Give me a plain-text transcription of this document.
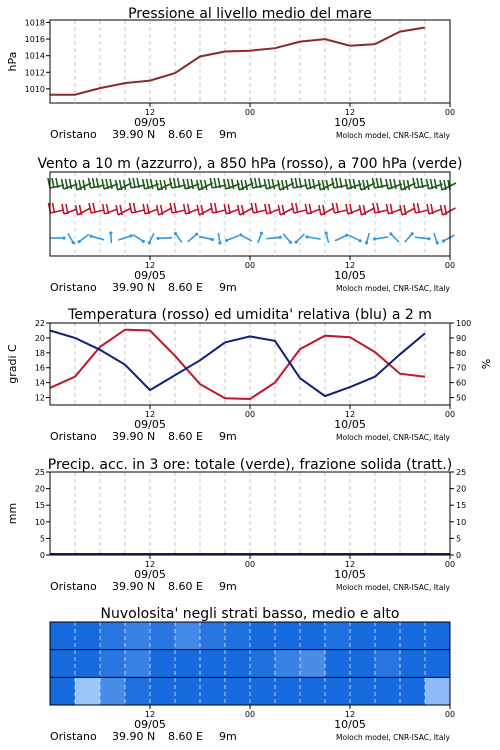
Pressione al livello medio del mare
1010
1012
1014
1016
1018
hPa
12	00	12	00
09/05	10/05
Oristano 39.90 N 8.60 E 9m	Moloch model, CNR-ISAC, Italy
Vento a 10 m (azzurro), a 850 hPa (rosso), a 700 hPa (verde)
12	00	12	00
09/05	10/05
Oristano 39.90 N 8.60 E 9m	Moloch model, CNR-ISAC, Italy
Temperatura (rosso) ed umidita' relativa (blu) a 2 m
12
14
16
18
20
22
gradi C
50
60
70
80
90
100
%
12	00	12	00
09/05	10/05
Oristano 39.90 N 8.60 E 9m	Moloch model, CNR-ISAC, Italy
Precip. acc. in 3 ore: totale (verde), frazione solida (tratt.)
0
5
10
15
20
25
mm
0
5
10
15
20
25
12	00	12	00
09/05	10/05
Oristano 39.90 N 8.60 E 9m	Moloch model, CNR-ISAC, Italy
Nuvolosita' negli strati basso, medio e alto
12	00	12	00
09/05	10/05
Oristano 39.90 N 8.60 E 9m	Moloch model, CNR-ISAC, Italy
